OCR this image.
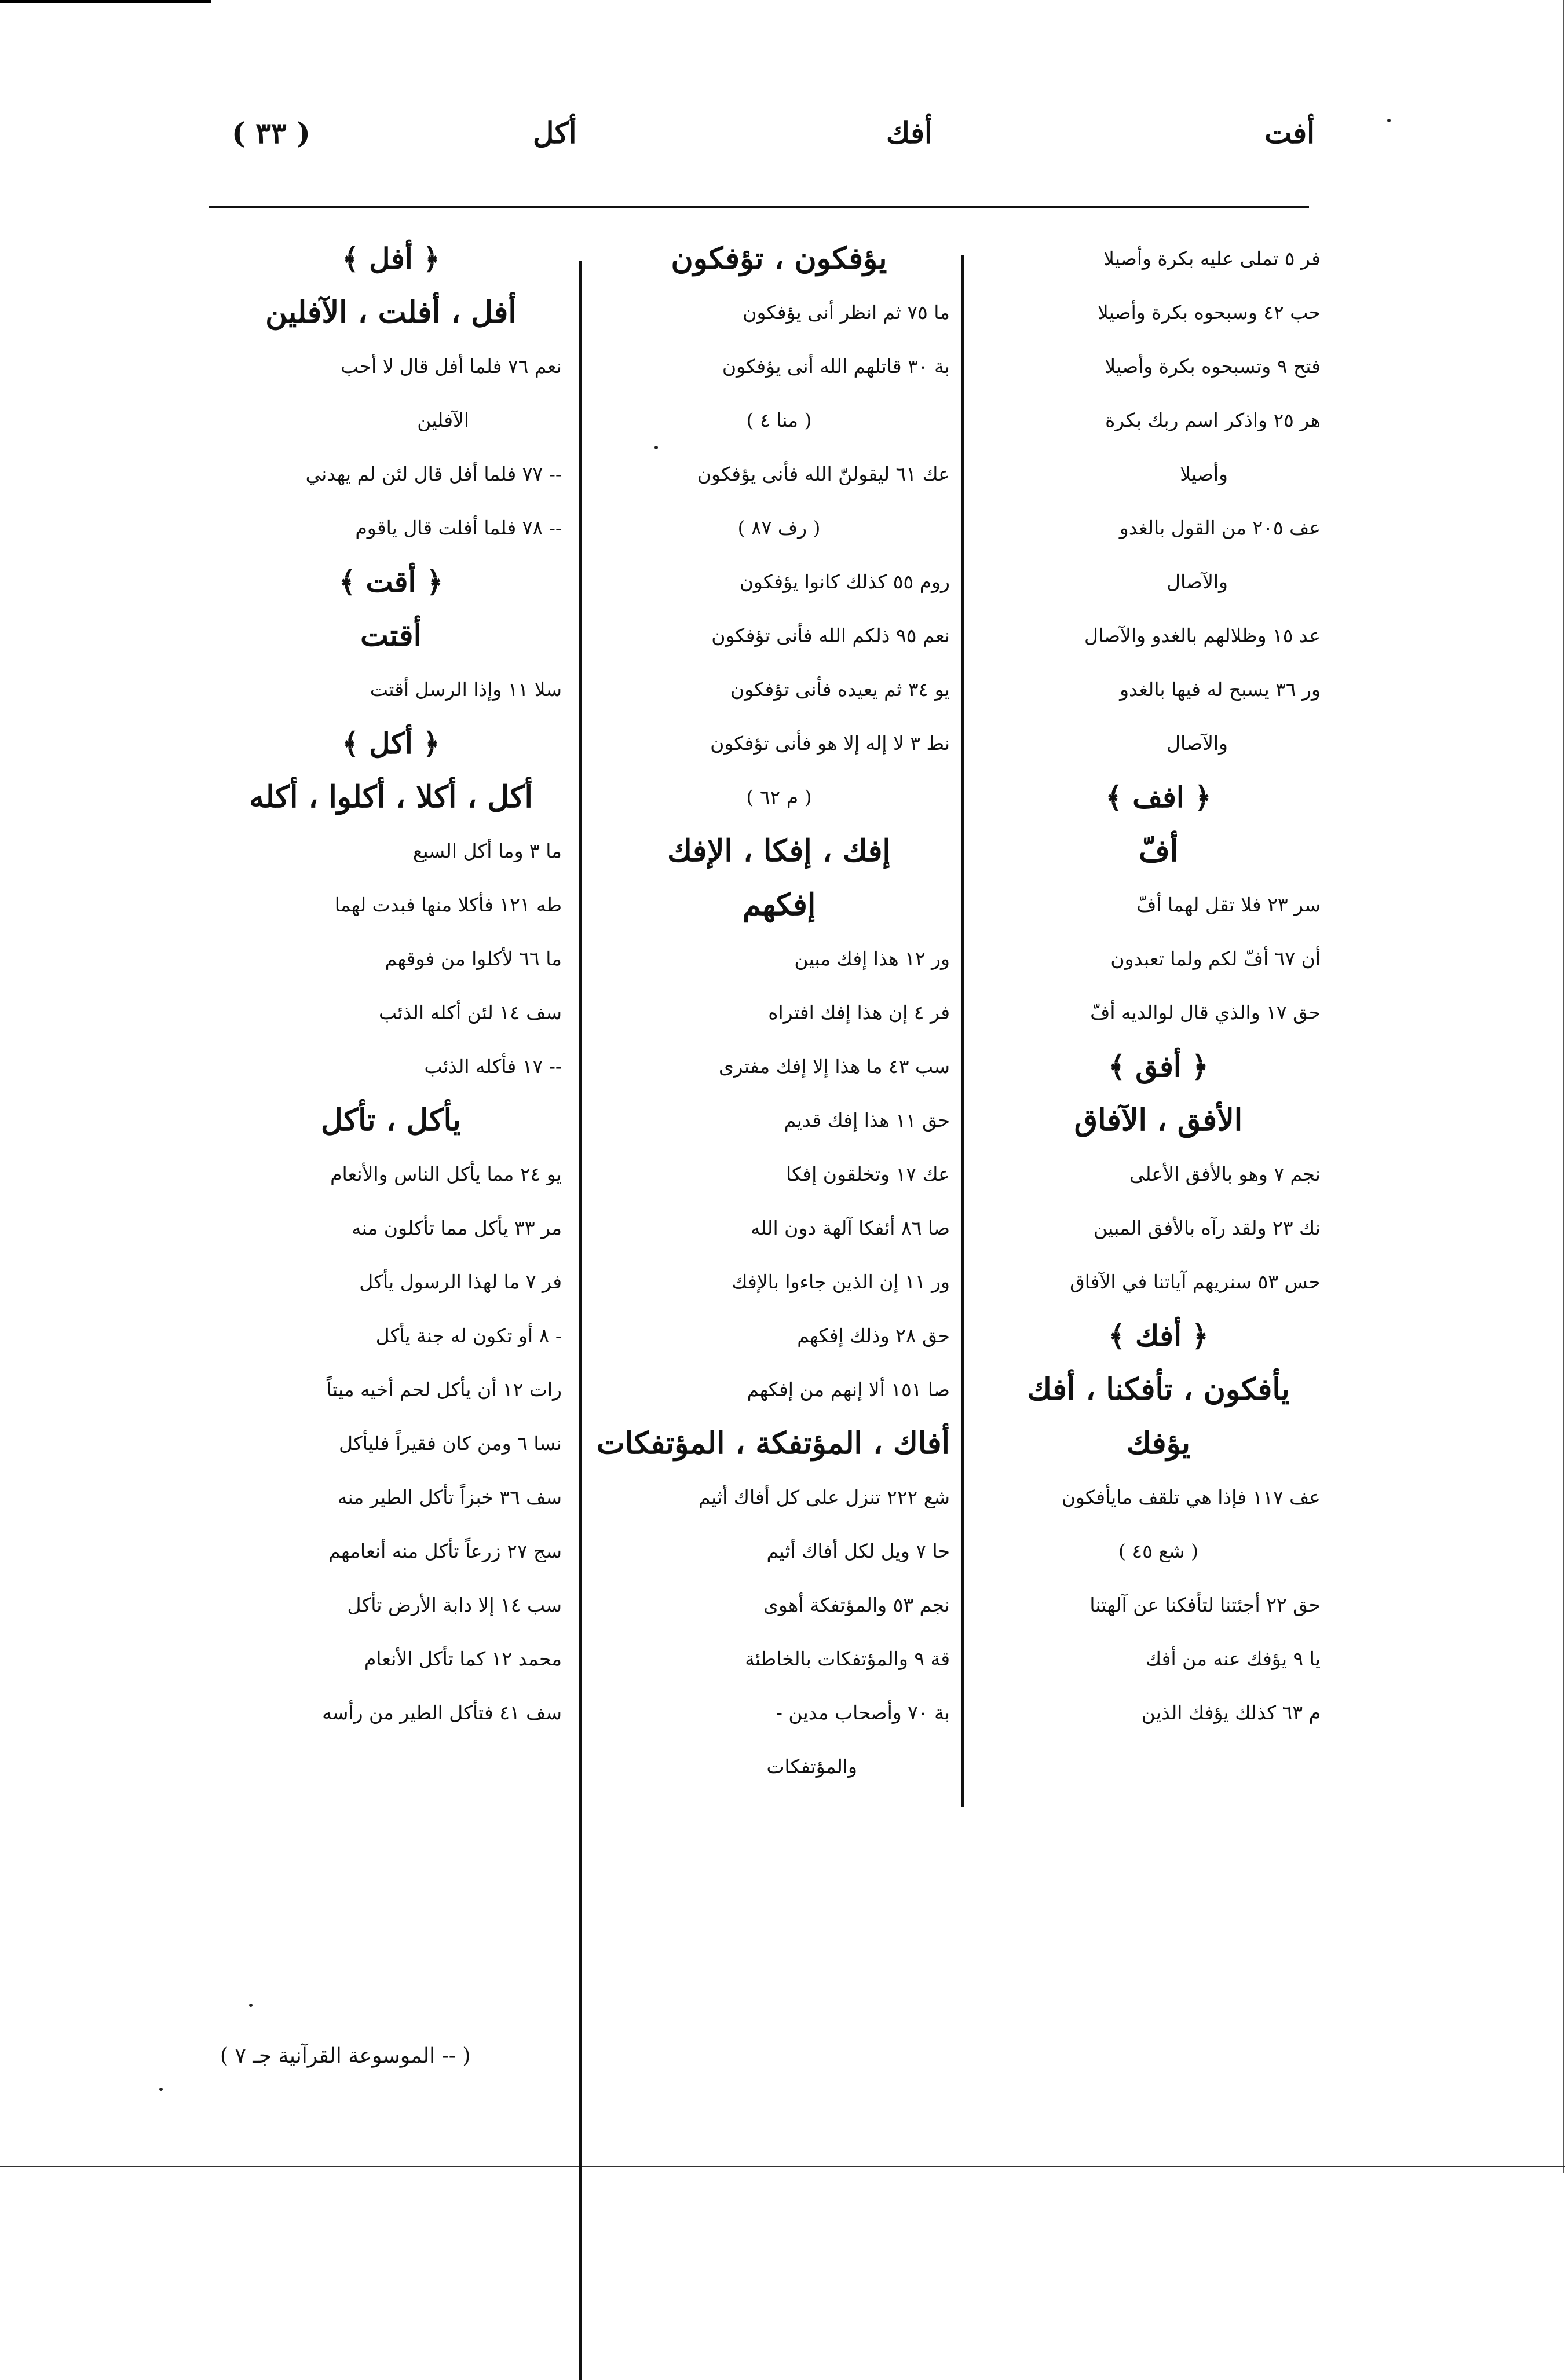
أفت
أفك
أكل
( ٣٣ )
فر ٥ تملى عليه بكرة وأصيلا
حب ٤٢ وسبحوه بكرة وأصيلا
فتح ٩ وتسبحوه بكرة وأصيلا
هر ٢٥ واذكر اسم ربك بكرة
وأصيلا
عف ٢٠٥ من القول بالغدو
والآصال
عد ١٥ وظلالهم بالغدو والآصال
ور ٣٦ يسبح له فيها بالغدو
والآصال
﴿ افف ﴾
أفّ
سر ٢٣ فلا تقل لهما أفّ
أن ٦٧ أفّ لكم ولما تعبدون
حق ١٧ والذي قال لوالديه أفّ
﴿ أفق ﴾
الأفق ، الآفاق
نجم ٧ وهو بالأفق الأعلى
نك ٢٣ ولقد رآه بالأفق المبين
حس ٥٣ سنريهم آياتنا في الآفاق
﴿ أفك ﴾
يأفكون ، تأفكنا ، أفك
يؤفك
عف ١١٧ فإذا هي تلقف مايأفكون
( شع ٤٥ )
حق ٢٢ أجئتنا لتأفكنا عن آلهتنا
يا ٩ يؤفك عنه من أفك
م ٦٣ كذلك يؤفك الذين
يؤفكون ، تؤفكون
ما ٧٥ ثم انظر أنى يؤفكون
بة ٣٠ قاتلهم الله أنى يؤفكون
( منا ٤ )
عك ٦١ ليقولنّ الله فأنى يؤفكون
( رف ٨٧ )
روم ٥٥ كذلك كانوا يؤفكون
نعم ٩٥ ذلكم الله فأنى تؤفكون
يو ٣٤ ثم يعيده فأنى تؤفكون
نط ٣ لا إله إلا هو فأنى تؤفكون
( م ٦٢ )
إفك ، إفكا ، الإفك
إفكهم
ور ١٢ هذا إفك مبين
فر ٤ إن هذا إفك افتراه
سب ٤٣ ما هذا إلا إفك مفترى
حق ١١ هذا إفك قديم
عك ١٧ وتخلقون إفكا
صا ٨٦ أئفكا آلهة دون الله
ور ١١ إن الذين جاءوا بالإفك
حق ٢٨ وذلك إفكهم
صا ١٥١ ألا إنهم من إفكهم
أفاك ، المؤتفكة ، المؤتفكات
شع ٢٢٢ تنزل على كل أفاك أثيم
حا ٧ ويل لكل أفاك أثيم
نجم ٥٣ والمؤتفكة أهوى
قة ٩ والمؤتفكات بالخاطئة
بة ٧٠ وأصحاب مدين -
والمؤتفكات
﴿ أفل ﴾
أفل ، أفلت ، الآفلين
نعم ٧٦ فلما أفل قال لا أحب
الآفلين
-- ٧٧ فلما أفل قال لئن لم يهدني
-- ٧٨ فلما أفلت قال ياقوم
﴿ أقت ﴾
أقتت
سلا ١١ وإذا الرسل أقتت
﴿ أكل ﴾
أكل ، أكلا ، أكلوا ، أكله
ما ٣ وما أكل السبع
طه ١٢١ فأكلا منها فبدت لهما
ما ٦٦ لأكلوا من فوقهم
سف ١٤ لئن أكله الذئب
-- ١٧ فأكله الذئب
يأكل ، تأكل
يو ٢٤ مما يأكل الناس والأنعام
مر ٣٣ يأكل مما تأكلون منه
فر ٧ ما لهذا الرسول يأكل
- ٨ أو تكون له جنة يأكل
رات ١٢ أن يأكل لحم أخيه ميتاً
نسا ٦ ومن كان فقيراً فليأكل
سف ٣٦ خبزاً تأكل الطير منه
سج ٢٧ زرعاً تأكل منه أنعامهم
سب ١٤ إلا دابة الأرض تأكل
محمد ١٢ كما تأكل الأنعام
سف ٤١ فتأكل الطير من رأسه
( -- الموسوعة القرآنية جـ ٧ )
